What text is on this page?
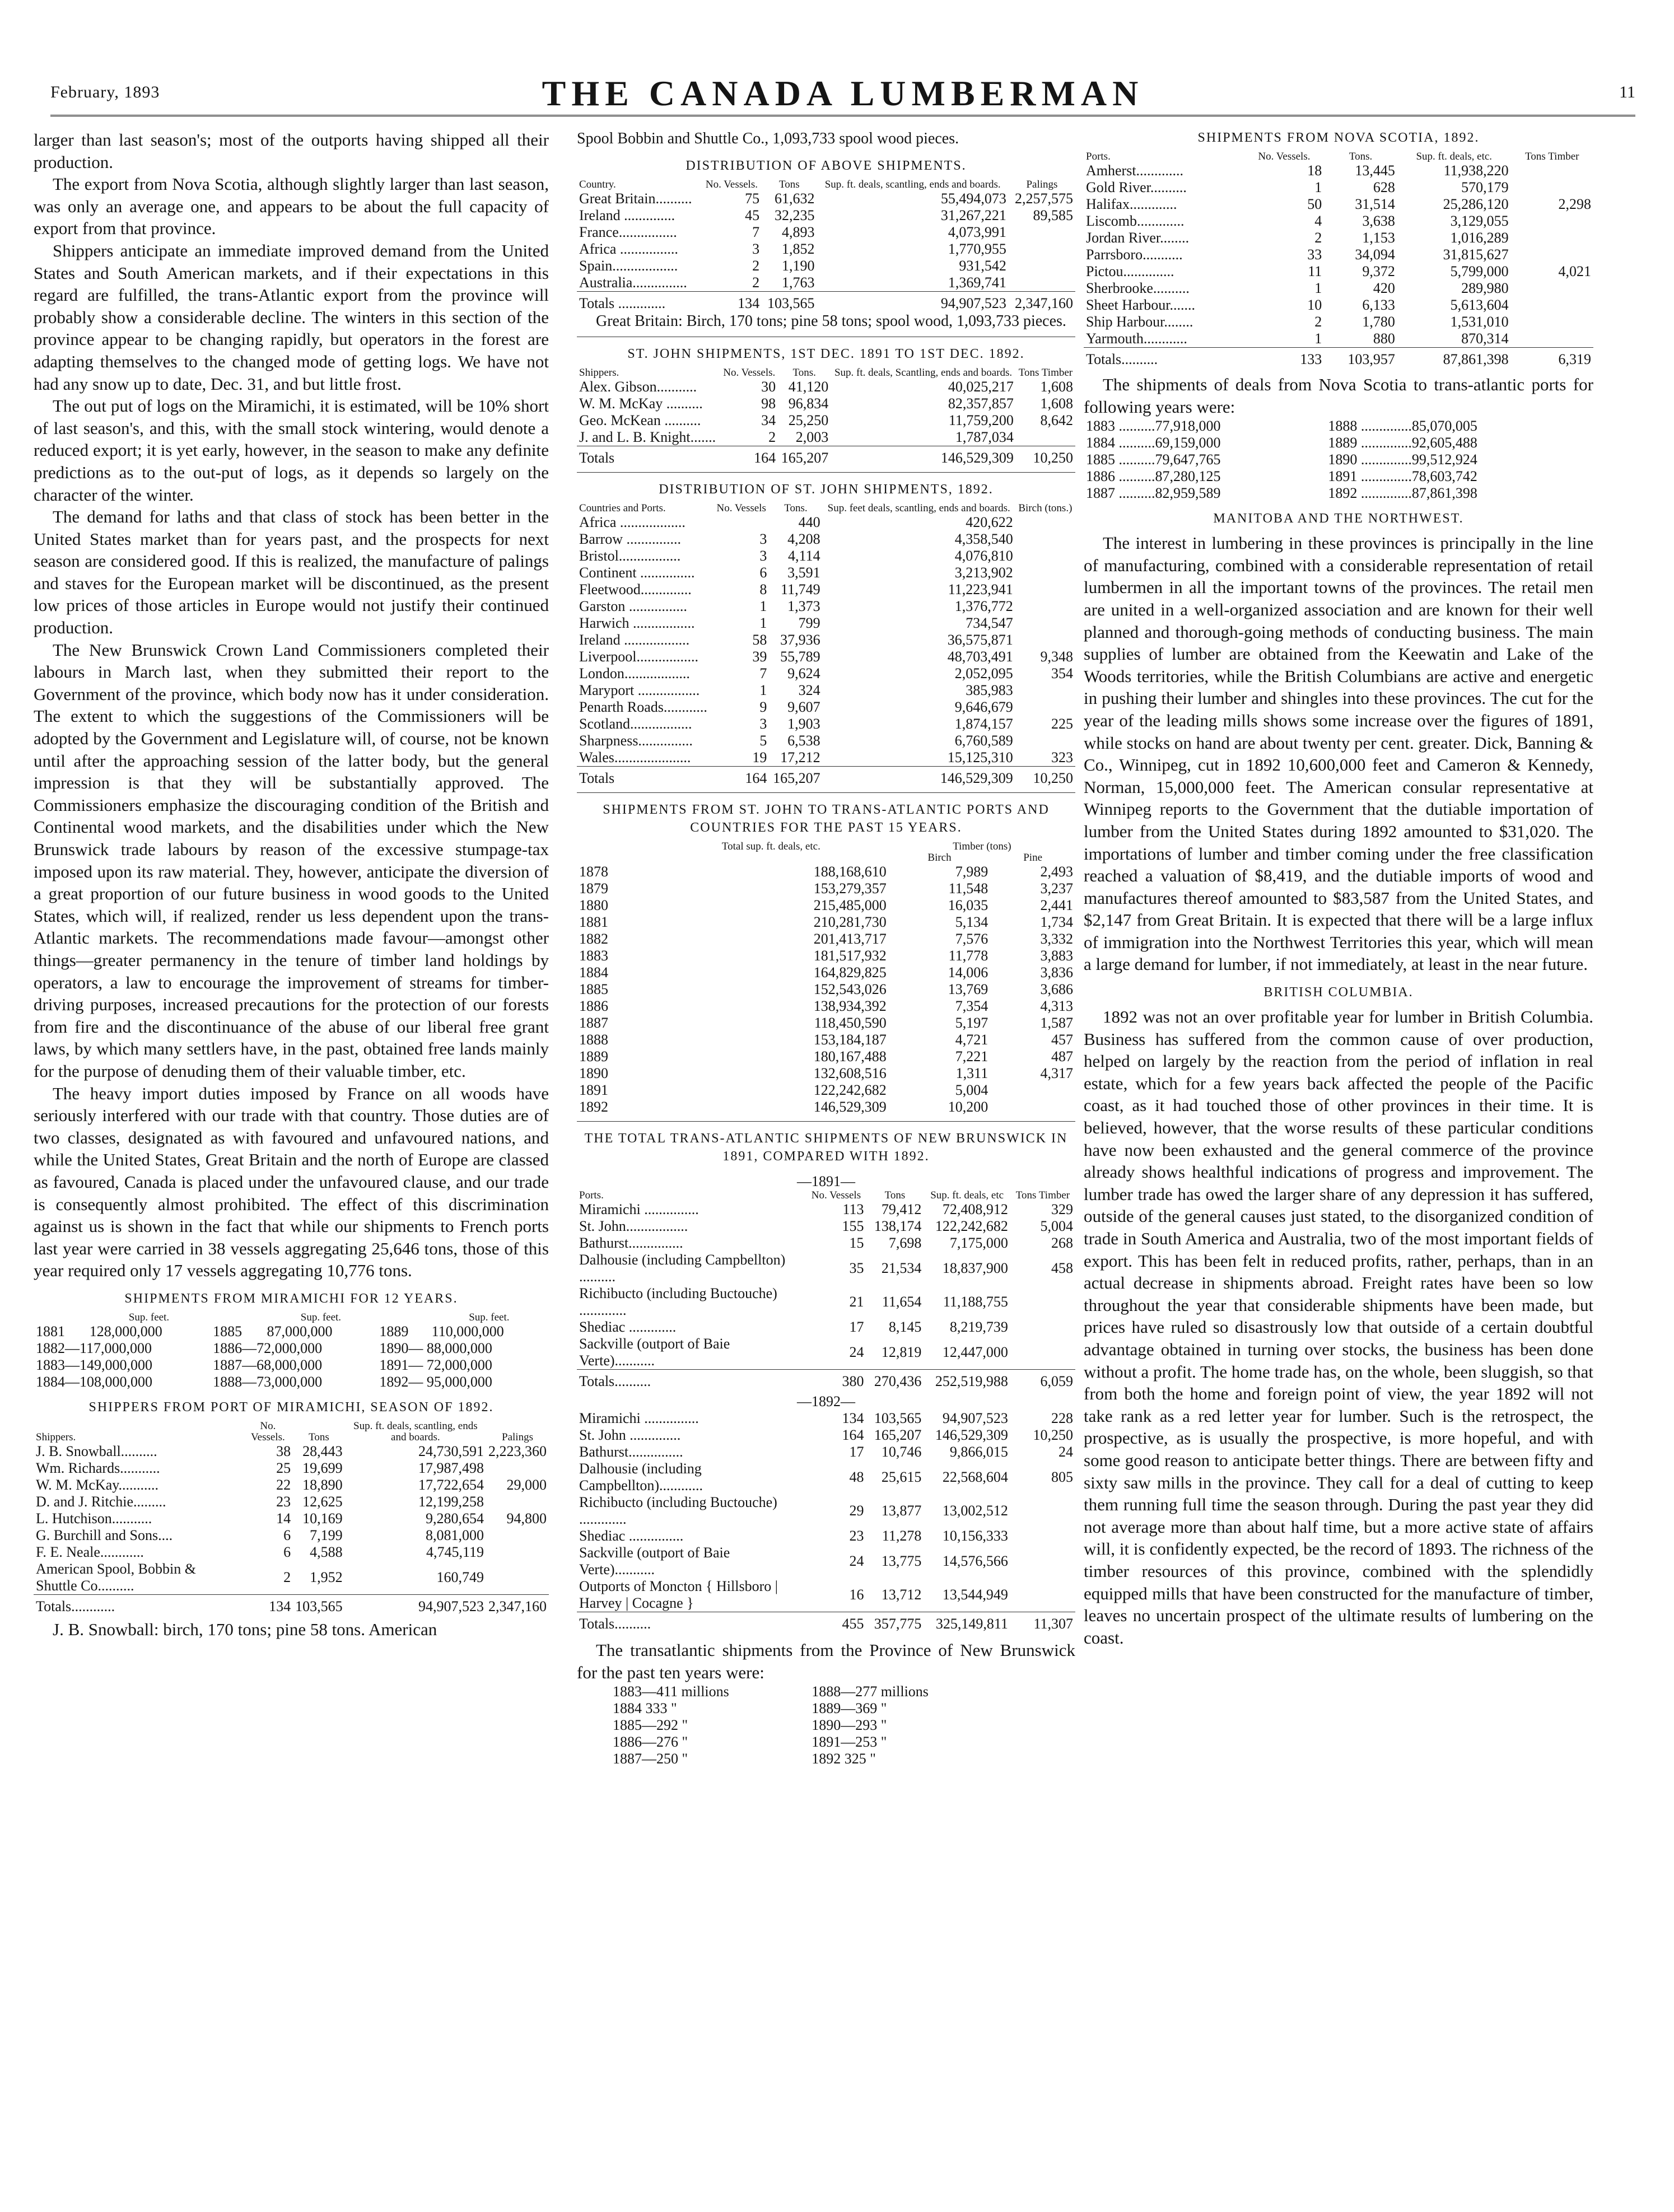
February, 1893	THE CANADA LUMBERMAN	11

larger than last season's; most of the outports having shipped all their production.

The export from Nova Scotia, although slightly larger than last season, was only an average one, and appears to be about the full capacity of export from that province.

Shippers anticipate an immediate improved demand from the United States and South American markets, and if their expectations in this regard are fulfilled, the trans-Atlantic export from the province will probably show a considerable decline. The winters in this section of the province appear to be changing rapidly, but operators in the forest are adapting themselves to the changed mode of getting logs. We have not had any snow up to date, Dec. 31, and but little frost.

The out put of logs on the Miramichi, it is estimated, will be 10% short of last season's, and this, with the small stock wintering, would denote a reduced export; it is yet early, however, in the season to make any definite predictions as to the out-put of logs, as it depends so largely on the character of the winter.

The demand for laths and that class of stock has been better in the United States market than for years past, and the prospects for next season are considered good. If this is realized, the manufacture of palings and staves for the European market will be discontinued, as the present low prices of those articles in Europe would not justify their continued production.

The New Brunswick Crown Land Commissioners completed their labours in March last, when they submitted their report to the Government of the province, which body now has it under consideration. The extent to which the suggestions of the Commissioners will be adopted by the Government and Legislature will, of course, not be known until after the approaching session of the latter body, but the general impression is that they will be substantially approved. The Commissioners emphasize the discouraging condition of the British and Continental wood markets, and the disabilities under which the New Brunswick trade labours by reason of the excessive stumpage-tax imposed upon its raw material. They, however, anticipate the diversion of a great proportion of our future business in wood goods to the United States, which will, if realized, render us less dependent upon the trans-Atlantic markets. The recommendations made favour—amongst other things—greater permanency in the tenure of timber land holdings by operators, a law to encourage the improvement of streams for timber-driving purposes, increased precautions for the protection of our forests from fire and the discontinuance of the abuse of our liberal free grant laws, by which many settlers have, in the past, obtained free lands mainly for the purpose of denuding them of their valuable timber, etc.

The heavy import duties imposed by France on all woods have seriously interfered with our trade with that country. Those duties are of two classes, designated as with favoured and unfavoured nations, and while the United States, Great Britain and the north of Europe are classed as favoured, Canada is placed under the unfavoured clause, and our trade is consequently almost prohibited. The effect of this discrimination against us is shown in the fact that while our shipments to French ports last year were carried in 38 vessels aggregating 25,646 tons, those of this year required only 17 vessels aggregating 10,776 tons.

SHIPMENTS FROM MIRAMICHI FOR 12 YEARS.
	Sup. feet.		Sup. feet.		Sup. feet.
1881	128,000,000	1885	87,000,000	1889	110,000,000
1882—117,000,000		1886—72,000,000		1890— 88,000,000	
1883—149,000,000		1887—68,000,000		1891— 72,000,000	
1884—108,000,000		1888—73,000,000		1892— 95,000,000	
SHIPPERS FROM PORT OF MIRAMICHI, SEASON OF 1892.
Shippers.	No. Vessels.	Tons	Sup. ft. deals, scantling, ends and boards.	Palings
J. B. Snowball..........	38	28,443	24,730,591	2,223,360
Wm. Richards...........	25	19,699	17,987,498	
W. M. McKay...........	22	18,890	17,722,654	29,000
D. and J. Ritchie.........	23	12,625	12,199,258	
L. Hutchison...........	14	10,169	9,280,654	94,800
G. Burchill and Sons....	6	7,199	8,081,000	
F. E. Neale............	6	4,588	4,745,119	
American Spool, Bobbin & Shuttle Co..........	2	1,952	160,749	
Totals............	134	103,565	94,907,523	2,347,160

J. B. Snowball: birch, 170 tons; pine 58 tons. American

Spool Bobbin and Shuttle Co., 1,093,733 spool wood pieces.
DISTRIBUTION OF ABOVE SHIPMENTS.
Country.	No. Vessels.	Tons	Sup. ft. deals, scantling, ends and boards.	Palings
Great Britain..........	75	61,632	55,494,073	2,257,575
Ireland ..............	45	32,235	31,267,221	89,585
France................	7	4,893	4,073,991	
Africa ................	3	1,852	1,770,955	
Spain..................	2	1,190	931,542	
Australia...............	2	1,763	1,369,741	
Totals .............	134	103,565	94,907,523	2,347,160

Great Britain: Birch, 170 tons; pine 58 tons; spool wood, 1,093,733 pieces.

ST. JOHN SHIPMENTS, 1ST DEC. 1891 TO 1ST DEC. 1892.
Shippers.	No. Vessels.	Tons.	Sup. ft. deals, Scantling, ends and boards.	Tons Timber
Alex. Gibson...........	30	41,120	40,025,217	1,608
W. M. McKay ..........	98	96,834	82,357,857	1,608
Geo. McKean ..........	34	25,250	11,759,200	8,642
J. and L. B. Knight.......	2	2,003	1,787,034	
Totals	164	165,207	146,529,309	10,250
DISTRIBUTION OF ST. JOHN SHIPMENTS, 1892.
Countries and Ports.	No. Vessels	Tons.	Sup. feet deals, scantling, ends and boards.	Birch (tons.)
Africa ..................		440	420,622	
Barrow ...............	3	4,208	4,358,540	
Bristol.................	3	4,114	4,076,810	
Continent ...............	6	3,591	3,213,902	
Fleetwood..............	8	11,749	11,223,941	
Garston ................	1	1,373	1,376,772	
Harwich .................	1	799	734,547	
Ireland ..................	58	37,936	36,575,871	
Liverpool.................	39	55,789	48,703,491	9,348
London..................	7	9,624	2,052,095	354
Maryport .................	1	324	385,983	
Penarth Roads............	9	9,607	9,646,679	
Scotland.................	3	1,903	1,874,157	225
Sharpness...............	5	6,538	6,760,589	
Wales.....................	19	17,212	15,125,310	323
Totals	164	165,207	146,529,309	10,250
SHIPMENTS FROM ST. JOHN TO TRANS-ATLANTIC PORTS AND COUNTRIES FOR THE PAST 15 YEARS.
	Total sup. ft. deals, etc.	Timber (tons)	
		Birch	Pine
1878	188,168,610	7,989	2,493
1879	153,279,357	11,548	3,237
1880	215,485,000	16,035	2,441
1881	210,281,730	5,134	1,734
1882	201,413,717	7,576	3,332
1883	181,517,932	11,778	3,883
1884	164,829,825	14,006	3,836
1885	152,543,026	13,769	3,686
1886	138,934,392	7,354	4,313
1887	118,450,590	5,197	1,587
1888	153,184,187	4,721	457
1889	180,167,488	7,221	487
1890	132,608,516	1,311	4,317
1891	122,242,682	5,004	
1892	146,529,309	10,200	
THE TOTAL TRANS-ATLANTIC SHIPMENTS OF NEW BRUNSWICK IN 1891, COMPARED WITH 1892.
—1891—				
Ports.	No. Vessels	Tons	Sup. ft. deals, etc	Tons Timber
Miramichi ...............	113	79,412	72,408,912	329
St. John.................	155	138,174	122,242,682	5,004
Bathurst...............	15	7,698	7,175,000	268
Dalhousie (including Campbellton) ..........	35	21,534	18,837,900	458
Richibucto (including Buctouche) .............	21	11,654	11,188,755	
Shediac .............	17	8,145	8,219,739	
Sackville (outport of Baie Verte)...........	24	12,819	12,447,000	
Totals..........	380	270,436	252,519,988	6,059
—1892—				
Miramichi ...............	134	103,565	94,907,523	228
St. John ..............	164	165,207	146,529,309	10,250
Bathurst...............	17	10,746	9,866,015	24
Dalhousie (including Campbellton)............	48	25,615	22,568,604	805
Richibucto (including Buctouche) .............	29	13,877	13,002,512	
Shediac ...............	23	11,278	10,156,333	
Sackville (outport of Baie Verte)...........	24	13,775	14,576,566	
Outports of Moncton { Hillsboro | Harvey | Cocagne }	16	13,712	13,544,949	
Totals..........	455	357,775	325,149,811	11,307

The transatlantic shipments from the Province of New Brunswick for the past ten years were:

1883—411 millions	1888—277 millions
1884 333 "	1889—369 "
1885—292 "	1890—293 "
1886—276 "	1891—253 "
1887—250 "	1892 325 "
SHIPMENTS FROM NOVA SCOTIA, 1892.
Ports.	No. Vessels.	Tons.	Sup. ft. deals, etc.	Tons Timber
Amherst.............	18	13,445	11,938,220	
Gold River..........	1	628	570,179	
Halifax.............	50	31,514	25,286,120	2,298
Liscomb.............	4	3,638	3,129,055	
Jordan River........	2	1,153	1,016,289	
Parrsboro...........	33	34,094	31,815,627	
Pictou..............	11	9,372	5,799,000	4,021
Sherbrooke..........	1	420	289,980	
Sheet Harbour.......	10	6,133	5,613,604	
Ship Harbour........	2	1,780	1,531,010	
Yarmouth............	1	880	870,314	
Totals..........	133	103,957	87,861,398	6,319

The shipments of deals from Nova Scotia to trans-atlantic ports for following years were:

1883 ..........77,918,000	1888 ..............85,070,005
1884 ..........69,159,000	1889 ..............92,605,488
1885 ..........79,647,765	1890 ..............99,512,924
1886 ..........87,280,125	1891 ..............78,603,742
1887 ..........82,959,589	1892 ..............87,861,398
MANITOBA AND THE NORTHWEST.

The interest in lumbering in these provinces is principally in the line of manufacturing, combined with a considerable representation of retail lumbermen in all the important towns of the provinces. The retail men are united in a well-organized association and are known for their well planned and thorough-going methods of conducting business. The main supplies of lumber are obtained from the Keewatin and Lake of the Woods territories, while the British Columbians are active and energetic in pushing their lumber and shingles into these provinces. The cut for the year of the leading mills shows some increase over the figures of 1891, while stocks on hand are about twenty per cent. greater. Dick, Banning & Co., Winnipeg, cut in 1892 10,600,000 feet and Cameron & Kennedy, Norman, 15,000,000 feet. The American consular representative at Winnipeg reports to the Government that the dutiable importation of lumber from the United States during 1892 amounted to $31,020. The importations of lumber and timber coming under the free classification reached a valuation of $8,419, and the dutiable imports of wood and manufactures thereof amounted to $83,587 from the United States, and $2,147 from Great Britain. It is expected that there will be a large influx of immigration into the Northwest Territories this year, which will mean a large demand for lumber, if not immediately, at least in the near future.

BRITISH COLUMBIA.

1892 was not an over profitable year for lumber in British Columbia. Business has suffered from the common cause of over production, helped on largely by the reaction from the period of inflation in real estate, which for a few years back affected the people of the Pacific coast, as it had touched those of other provinces in their time. It is believed, however, that the worse results of these particular conditions have now been exhausted and the general commerce of the province already shows healthful indications of progress and improvement. The lumber trade has owed the larger share of any depression it has suffered, outside of the general causes just stated, to the disorganized condition of trade in South America and Australia, two of the most important fields of export. This has been felt in reduced profits, rather, perhaps, than in an actual decrease in shipments abroad. Freight rates have been so low throughout the year that considerable shipments have been made, but prices have ruled so disastrously low that outside of a certain doubtful advantage obtained in turning over stocks, the business has been done without a profit. The home trade has, on the whole, been sluggish, so that from both the home and foreign point of view, the year 1892 will not take rank as a red letter year for lumber. Such is the retrospect, the prospective, as is usually the prospective, is more hopeful, and with some good reason to anticipate better things. There are between fifty and sixty saw mills in the province. They call for a deal of cutting to keep them running full time the season through. During the past year they did not average more than about half time, but a more active state of affairs will, it is confidently expected, be the record of 1893. The richness of the timber resources of this province, combined with the splendidly equipped mills that have been constructed for the manufacture of timber, leaves no uncertain prospect of the ultimate results of lumbering on the coast.
